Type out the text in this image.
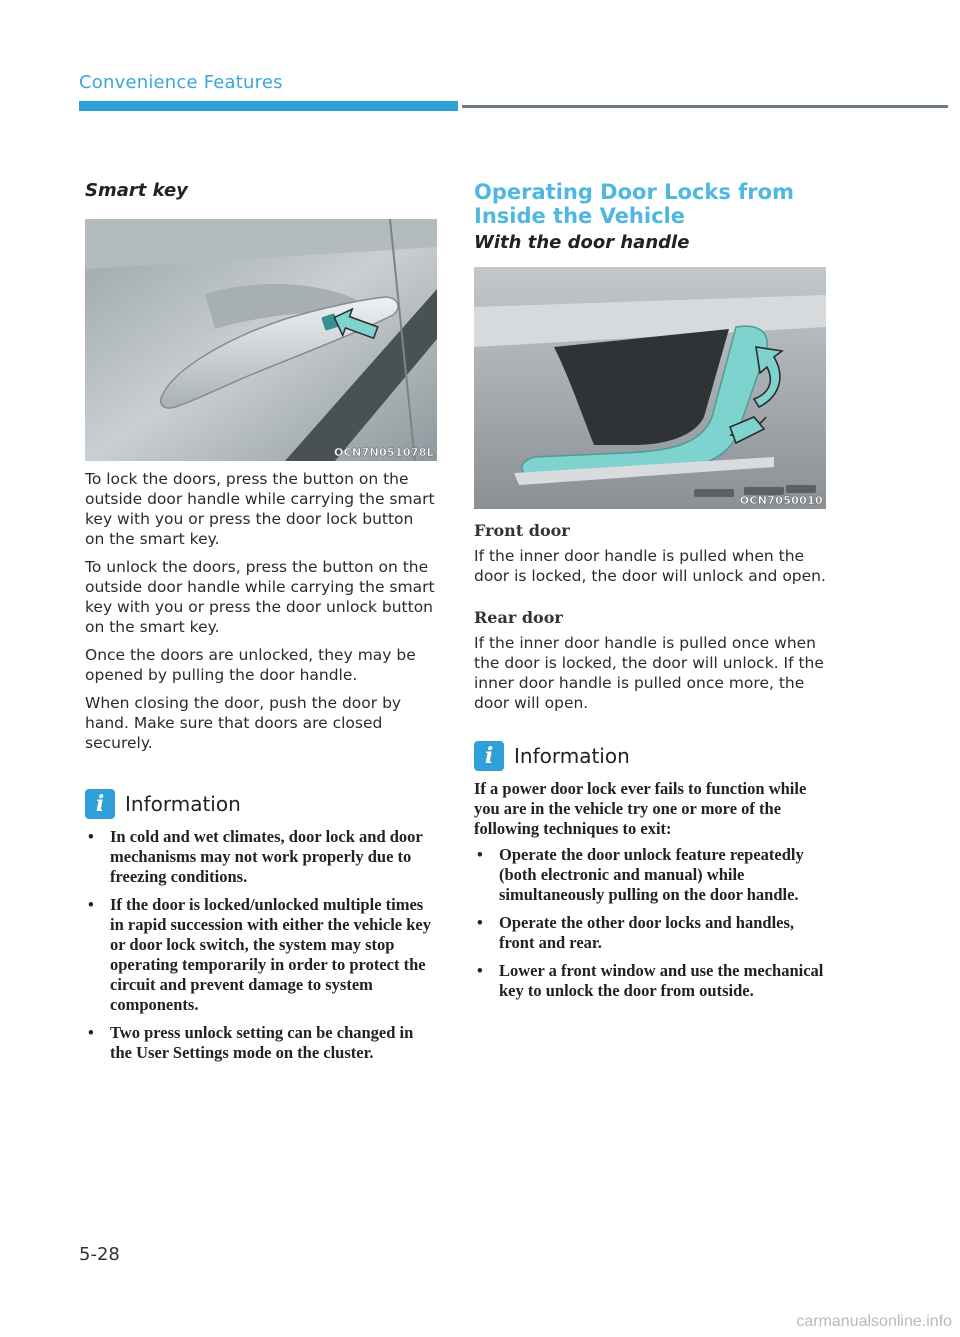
Convenience Features
Smart key
OCN7N051078L

To lock the doors, press the button on the outside door handle while carrying the smart key with you or press the door lock button on the smart key.

To unlock the doors, press the button on the outside door handle while carrying the smart key with you or press the door unlock button on the smart key.

Once the doors are unlocked, they may be opened by pulling the door handle.

When closing the door, push the door by hand. Make sure that doors are closed securely.

i Information
• In cold and wet climates, door lock and door mechanisms may not work properly due to freezing conditions.
• If the door is locked/unlocked multiple times in rapid succession with either the vehicle key or door lock switch, the system may stop operating temporarily in order to protect the circuit and prevent damage to system components.
• Two press unlock setting can be changed in the User Settings mode on the cluster.
Operating Door Locks from Inside the Vehicle
With the door handle
OCN7050010
Front door

If the inner door handle is pulled when the door is locked, the door will unlock and open.

Rear door

If the inner door handle is pulled once when the door is locked, the door will unlock. If the inner door handle is pulled once more, the door will open.

i Information

If a power door lock ever fails to function while you are in the vehicle try one or more of the following techniques to exit:

• Operate the door unlock feature repeatedly (both electronic and manual) while simultaneously pulling on the door handle.
• Operate the other door locks and handles, front and rear.
• Lower a front window and use the mechanical key to unlock the door from outside.
5-28
carmanualsonline.info
